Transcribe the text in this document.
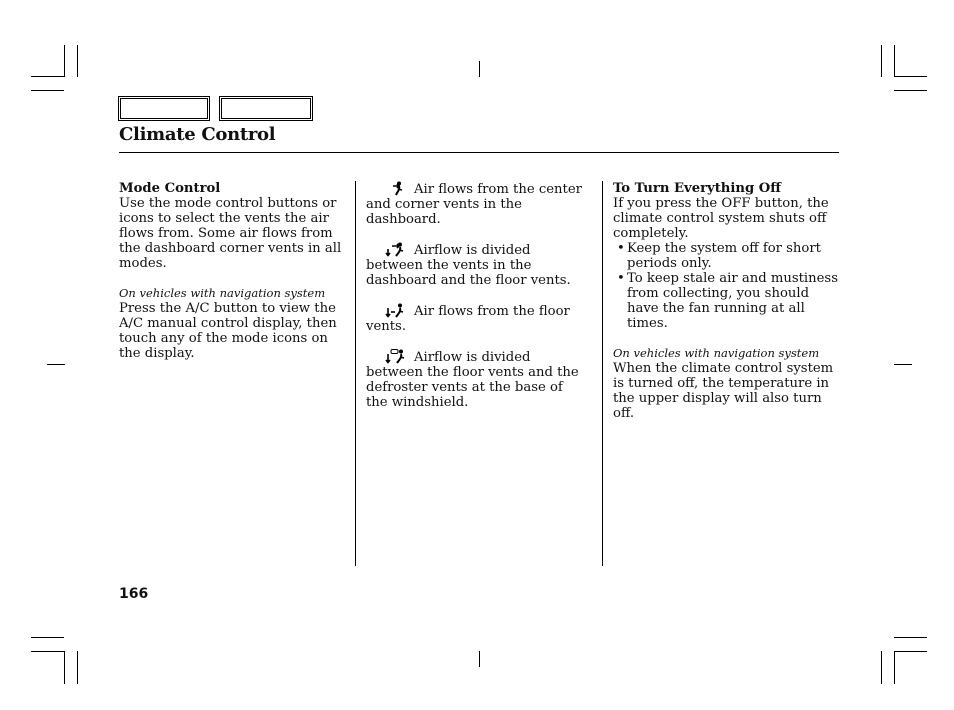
Climate Control
Mode Control

Use the mode control buttons or icons to select the vents the air flows from. Some air flows from the dashboard corner vents in all modes.

On vehicles with navigation system

Press the A/C button to view the A/C manual control display, then touch any of the mode icons on the display.

Air flows from the center and corner vents in the dashboard.

Airflow is divided between the vents in the dashboard and the floor vents.

Air flows from the floor vents.

Airflow is divided between the floor vents and the defroster vents at the base of the windshield.

To Turn Everything Off

If you press the OFF button, the climate control system shuts off completely.

• Keep the system off for short periods only.
• To keep stale air and mustiness from collecting, you should have the fan running at all times.

On vehicles with navigation system

When the climate control system is turned off, the temperature in the upper display will also turn off.

166
